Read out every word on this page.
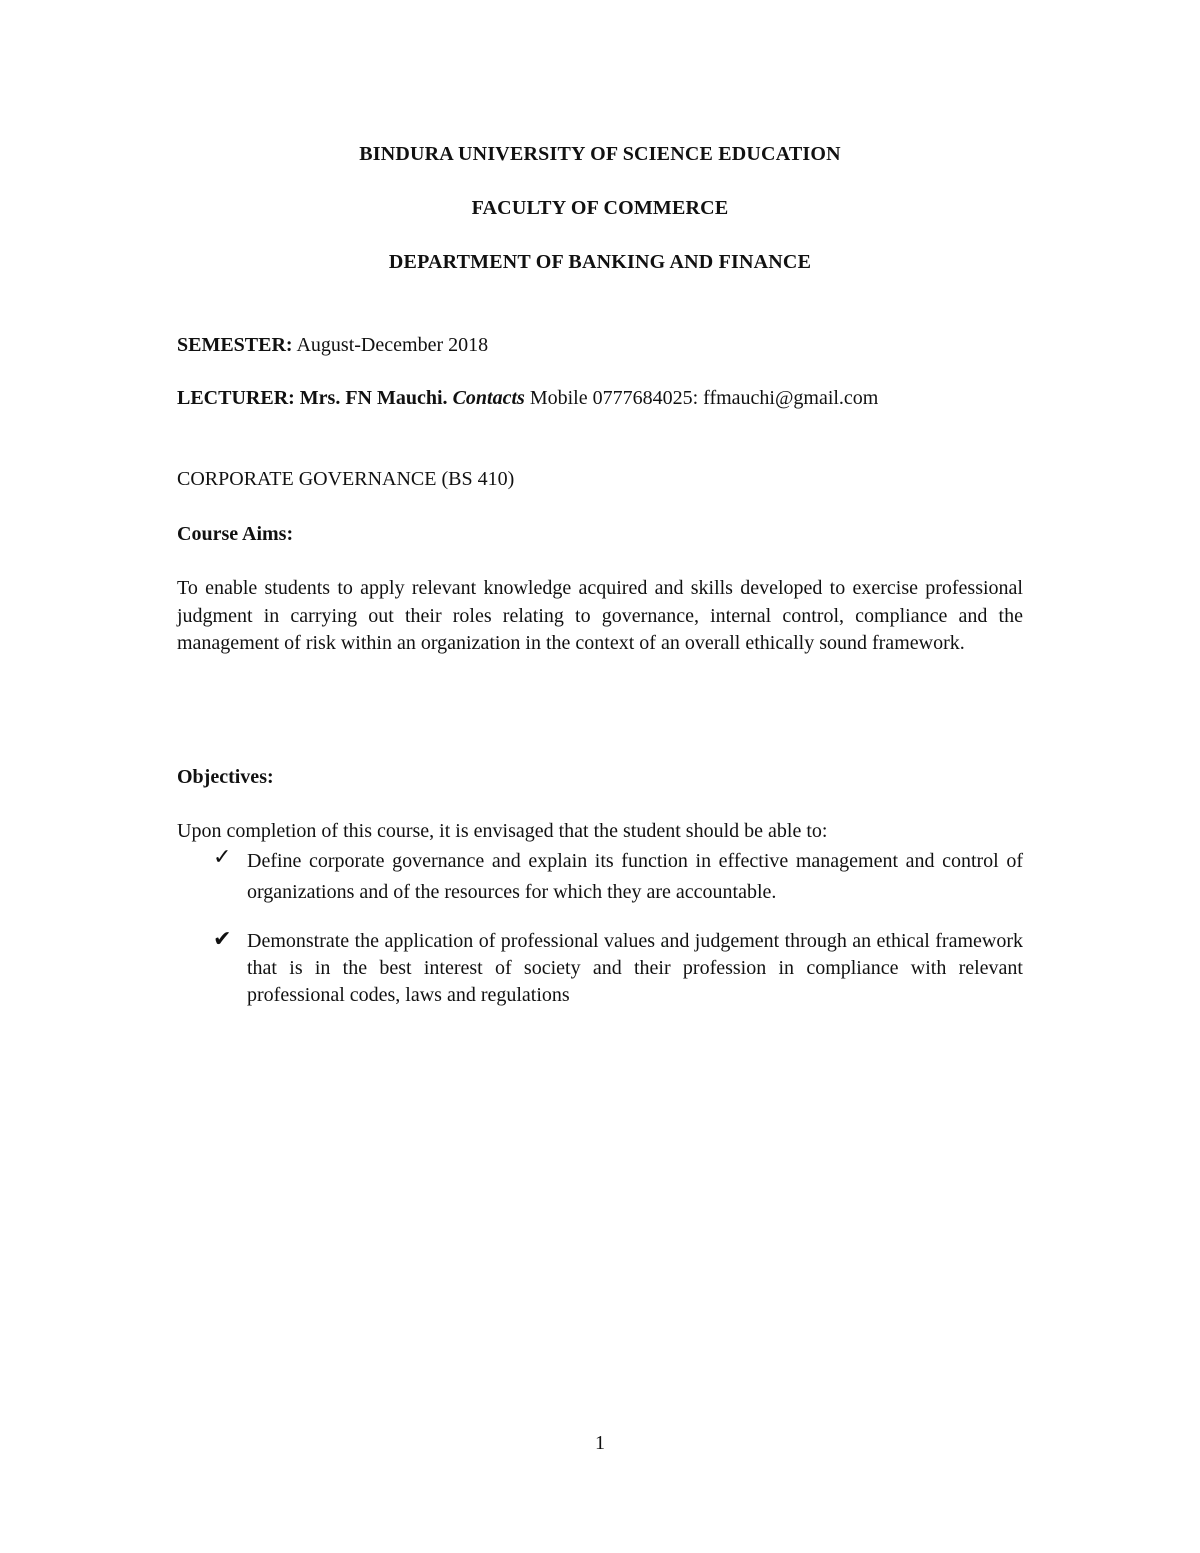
BINDURA UNIVERSITY OF SCIENCE EDUCATION
FACULTY OF COMMERCE
DEPARTMENT OF BANKING AND FINANCE
SEMESTER: August-December 2018
LECTURER: Mrs. FN Mauchi. Contacts Mobile 0777684025: ffmauchi@gmail.com
CORPORATE GOVERNANCE (BS 410)
Course Aims:
To enable students to apply relevant knowledge acquired and skills developed to exercise professional judgment in carrying out their roles relating to governance, internal control, compliance and the management of risk within an organization in the context of an overall ethically sound framework.
Objectives:
Upon completion of this course, it is envisaged that the student should be able to:
✓ Define corporate governance and explain its function in effective management and control of organizations and of the resources for which they are accountable.
✔ Demonstrate the application of professional values and judgement through an ethical framework that is in the best interest of society and their profession in compliance with relevant professional codes, laws and regulations
1
